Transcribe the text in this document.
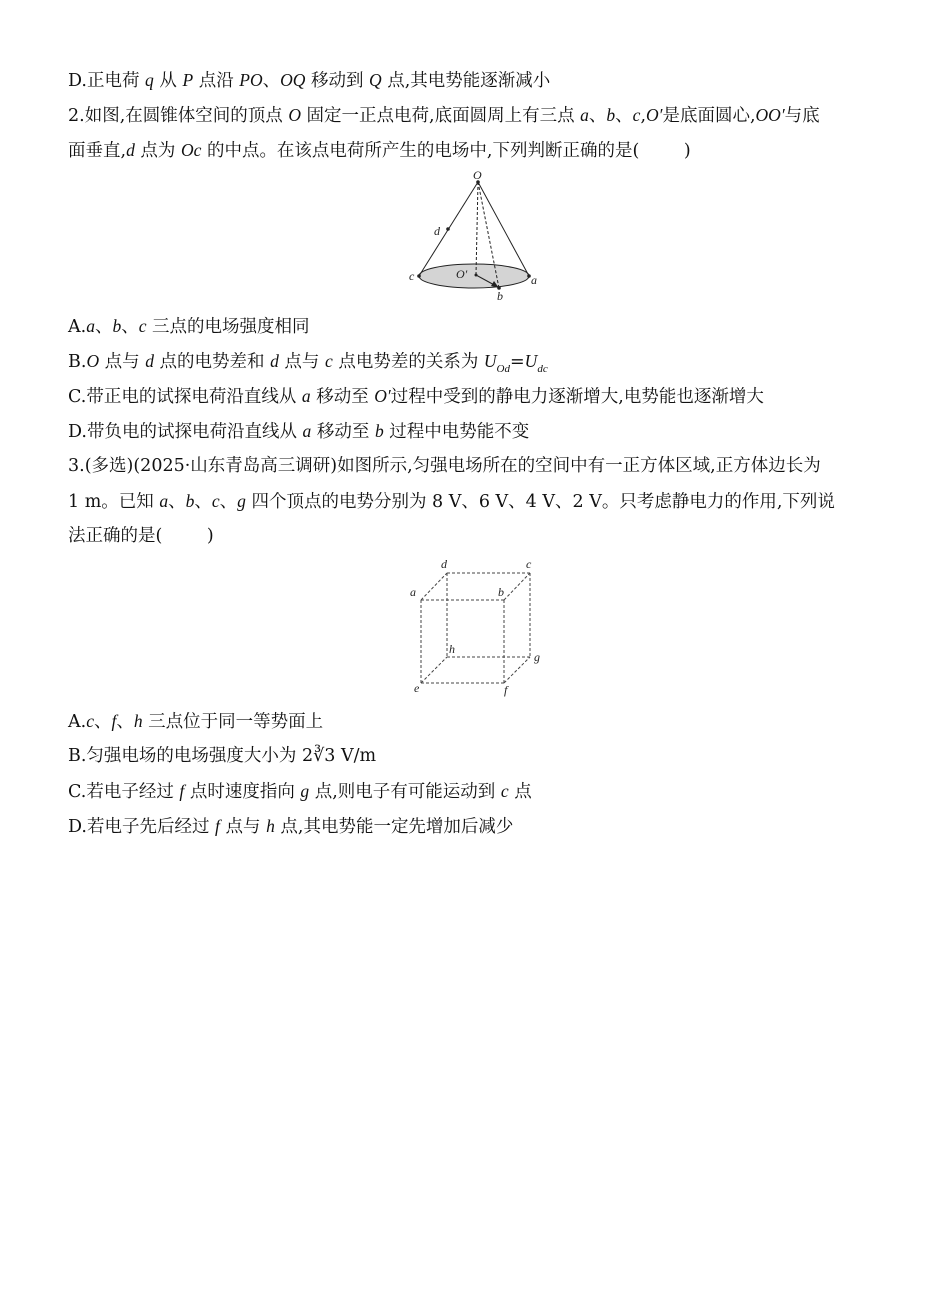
D.正电荷 q 从 P 点沿 PO、OQ 移动到 Q 点,其电势能逐渐减小
2.如图,在圆锥体空间的顶点 O 固定一正点电荷,底面圆周上有三点 a、b、c,O′是底面圆心,OO′与底
面垂直,d 点为 Oc 的中点。在该点电荷所产生的电场中,下列判断正确的是(	)
O
d
c	O′	a
b
A.a、b、c 三点的电场强度相同
B.O 点与 d 点的电势差和 d 点与 c 点电势差的关系为 $U_{Od}=U_{dc}$
C.带正电的试探电荷沿直线从 a 移动至 O′过程中受到的静电力逐渐增大,电势能也逐渐增大
D.带负电的试探电荷沿直线从 a 移动至 b 过程中电势能不变
3.(多选)(2025·山东青岛高三调研)如图所示,匀强电场所在的空间中有一正方体区域,正方体边长为
1 m。已知 a、b、c、g 四个顶点的电势分别为 8 V、6 V、4 V、2 V。只考虑静电力的作用,下列说
法正确的是(	)
d	c
a	b
h
g
e	f
A.c、f、h 三点位于同一等势面上
B.匀强电场的电场强度大小为 2∛3 V/m
C.若电子经过 f 点时速度指向 g 点,则电子有可能运动到 c 点
D.若电子先后经过 f 点与 h 点,其电势能一定先增加后减少
